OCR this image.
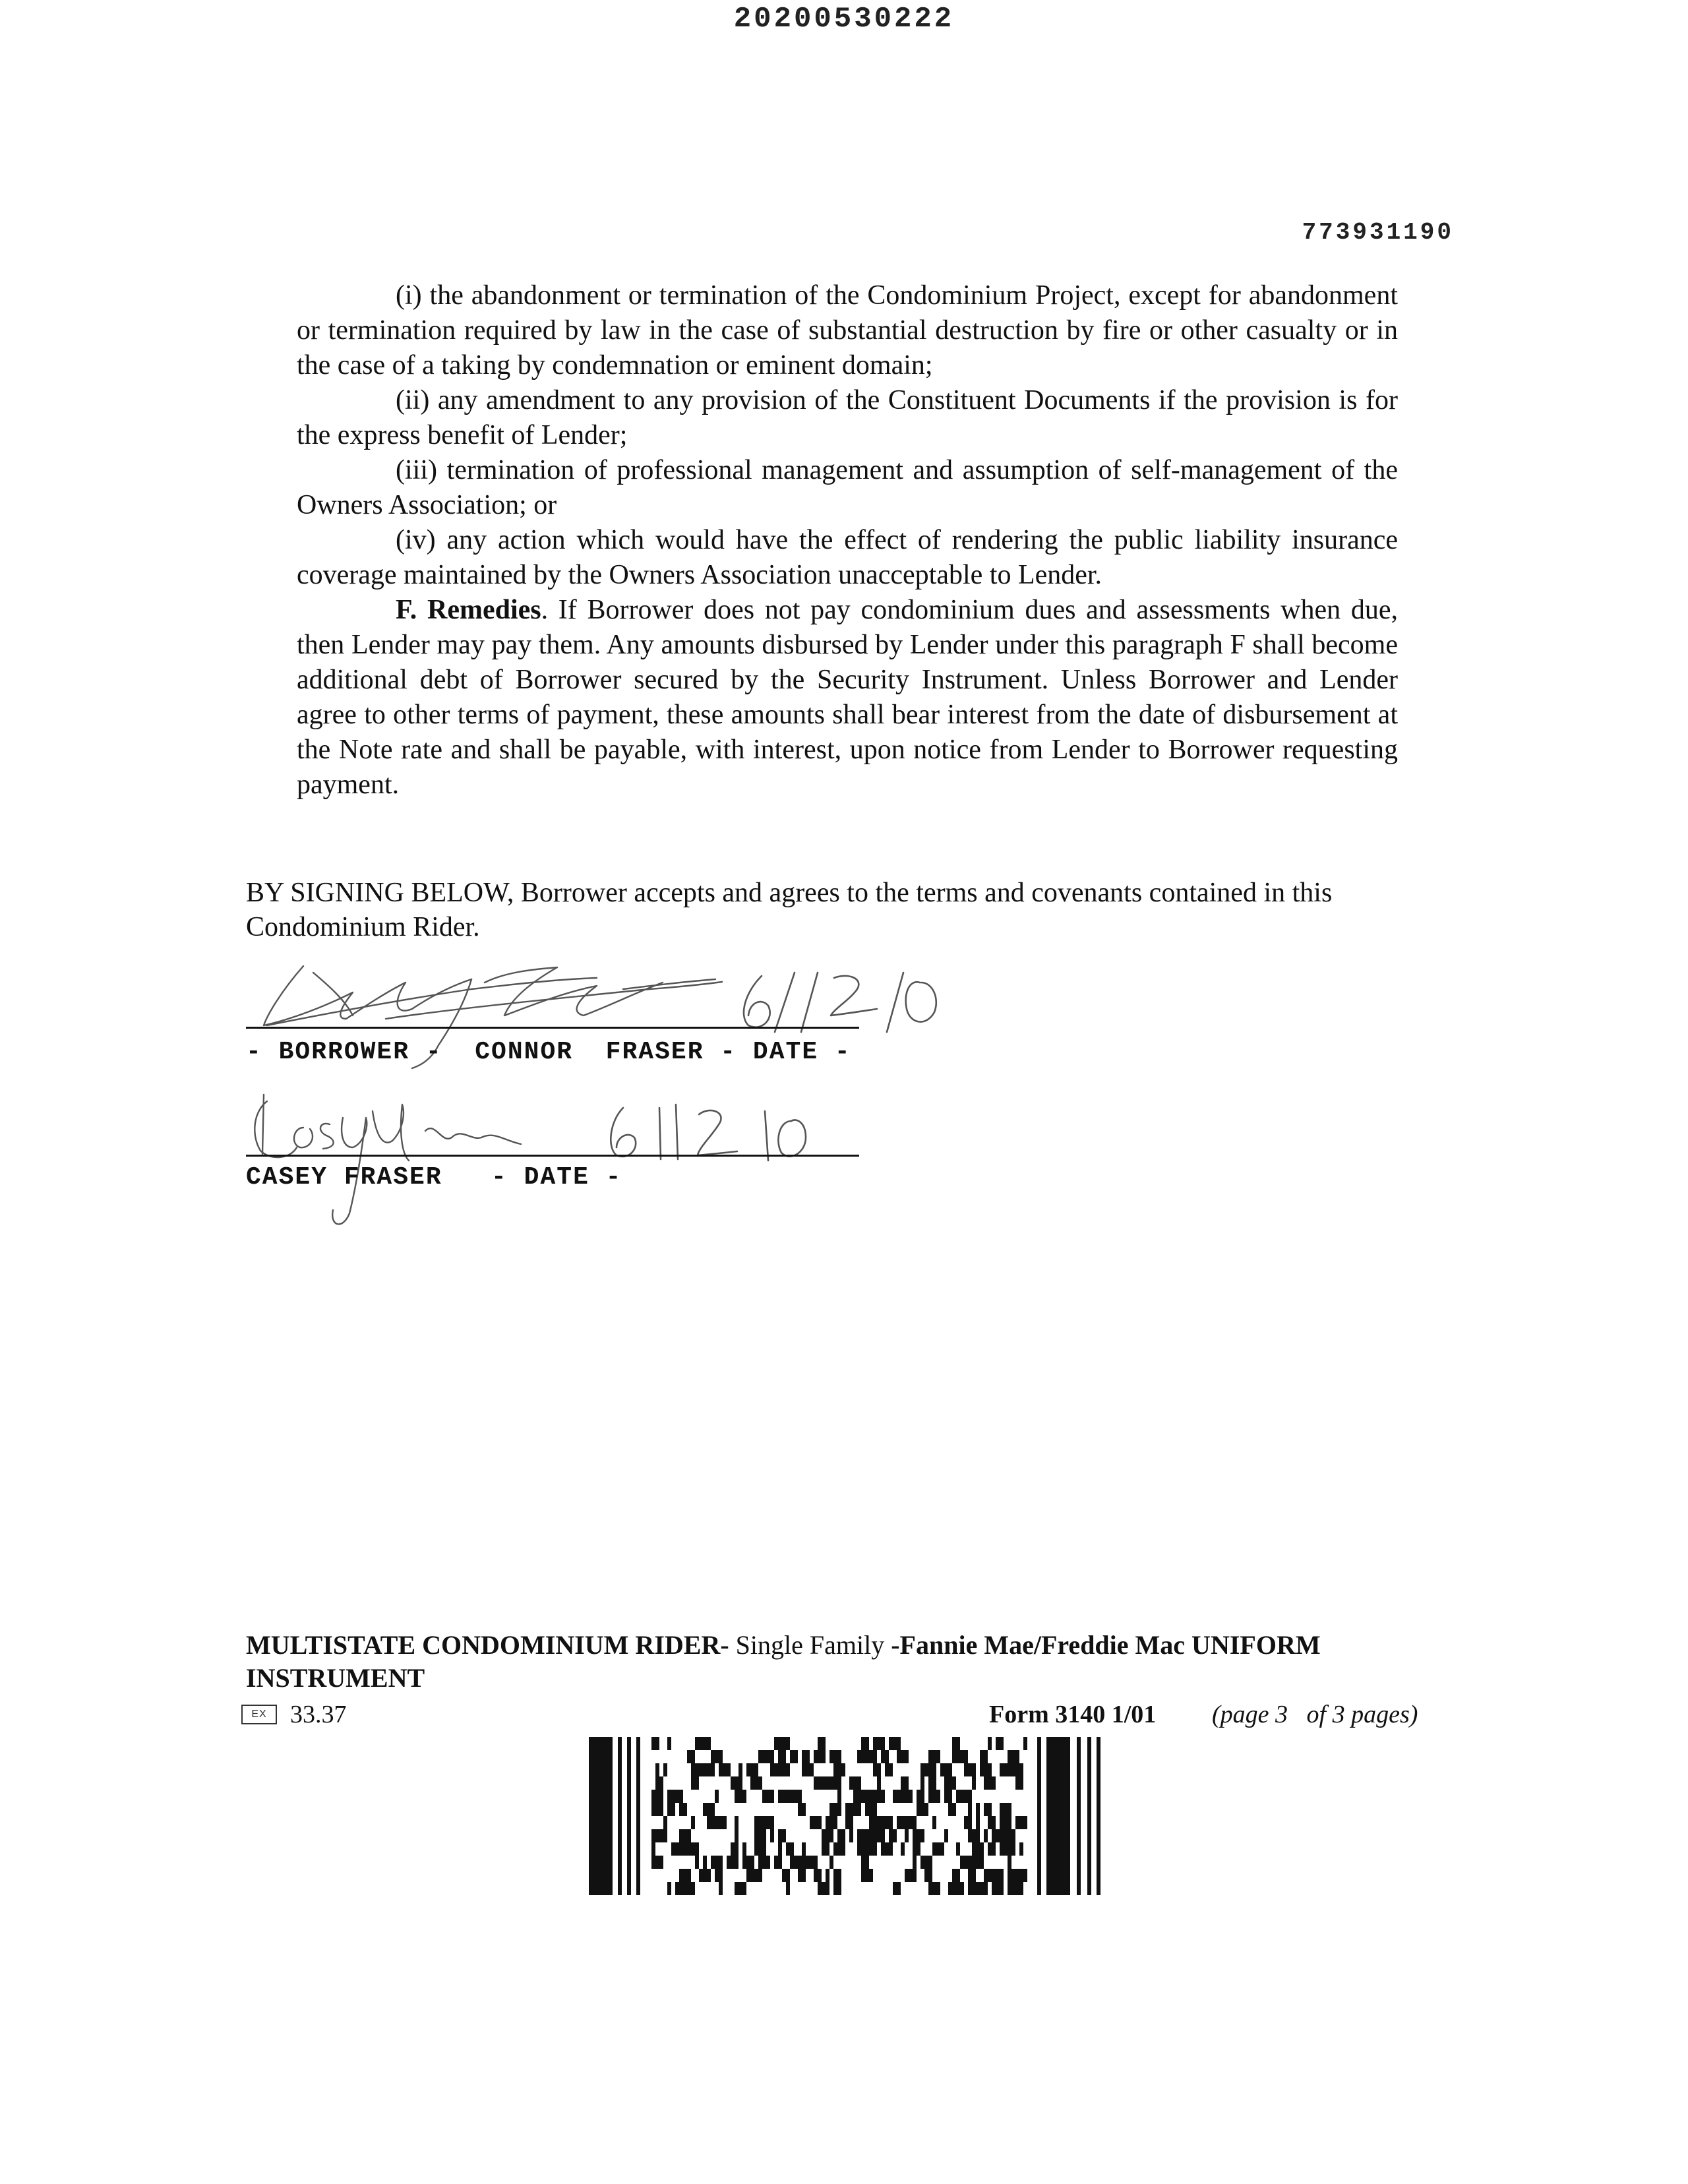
20200530222
773931190

(i) the abandonment or termination of the Condominium Project, except for abandonment or termination required by law in the case of substantial destruction by fire or other casualty or in the case of a taking by condemnation or eminent domain;

(ii) any amendment to any provision of the Constituent Documents if the provision is for the express benefit of Lender;

(iii) termination of professional management and assumption of self-management of the Owners Association; or

(iv) any action which would have the effect of rendering the public liability insurance coverage maintained by the Owners Association unacceptable to Lender.

F. Remedies. If Borrower does not pay condominium dues and assessments when due, then Lender may pay them. Any amounts disbursed by Lender under this paragraph F shall become additional debt of Borrower secured by the Security Instrument. Unless Borrower and Lender agree to other terms of payment, these amounts shall bear interest from the date of disbursement at the Note rate and shall be payable, with interest, upon notice from Lender to Borrower requesting payment.

BY SIGNING BELOW, Borrower accepts and agrees to the terms and covenants contained in this Condominium Rider.

- BORROWER -  CONNOR  FRASER - DATE -
CASEY FRASER   - DATE -
MULTISTATE CONDOMINIUM RIDER- Single Family -Fannie Mae/Freddie Mac UNIFORM INSTRUMENT
EX 33.37	Form 3140 1/01 (page 3   of 3 pages)
